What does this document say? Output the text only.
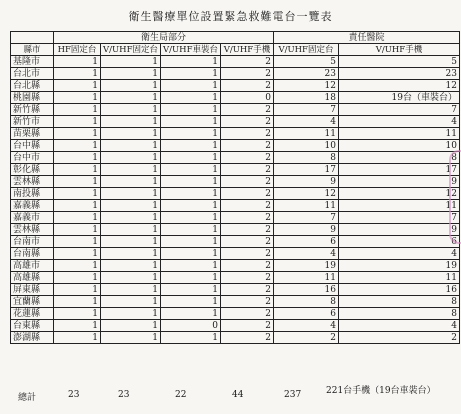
衛生醫療單位設置緊急救難電台一覽表
	衛生局部分				責任醫院	
縣市	HF固定台	V/UHF固定台	V/UHF車裝台	V/UHF手機	V/UHF固定台	V/UHF手機
基隆市	1	1	1	2	5	5
台北市	1	1	1	2	23	23
台北縣	1	1	1	2	12	12
桃園縣	1	1	1	0	18	19台（車裝台）
新竹縣	1	1	1	2	7	7
新竹市	1	1	1	2	4	4
苗栗縣	1	1	1	2	11	11
台中縣	1	1	1	2	10	10
台中市	1	1	1	2	8	8
彰化縣	1	1	1	2	17	17
雲林縣	1	1	1	2	9	9
南投縣	1	1	1	2	12	12
嘉義縣	1	1	1	2	11	11
嘉義市	1	1	1	2	7	7
雲林縣	1	1	1	2	9	9
台南市	1	1	1	2	6	6
台南縣	1	1	1	2	4	4
高雄市	1	1	1	2	19	19
高雄縣	1	1	1	2	11	11
屏東縣	1	1	1	2	16	16
宜蘭縣	1	1	1	2	8	8
花蓮縣	1	1	1	2	6	8
台東縣	1	1	0	2	4	4
澎湖縣	1	1	1	2	2	2
總計	23	23	22	44	237	221台手機（19台車裝台）
